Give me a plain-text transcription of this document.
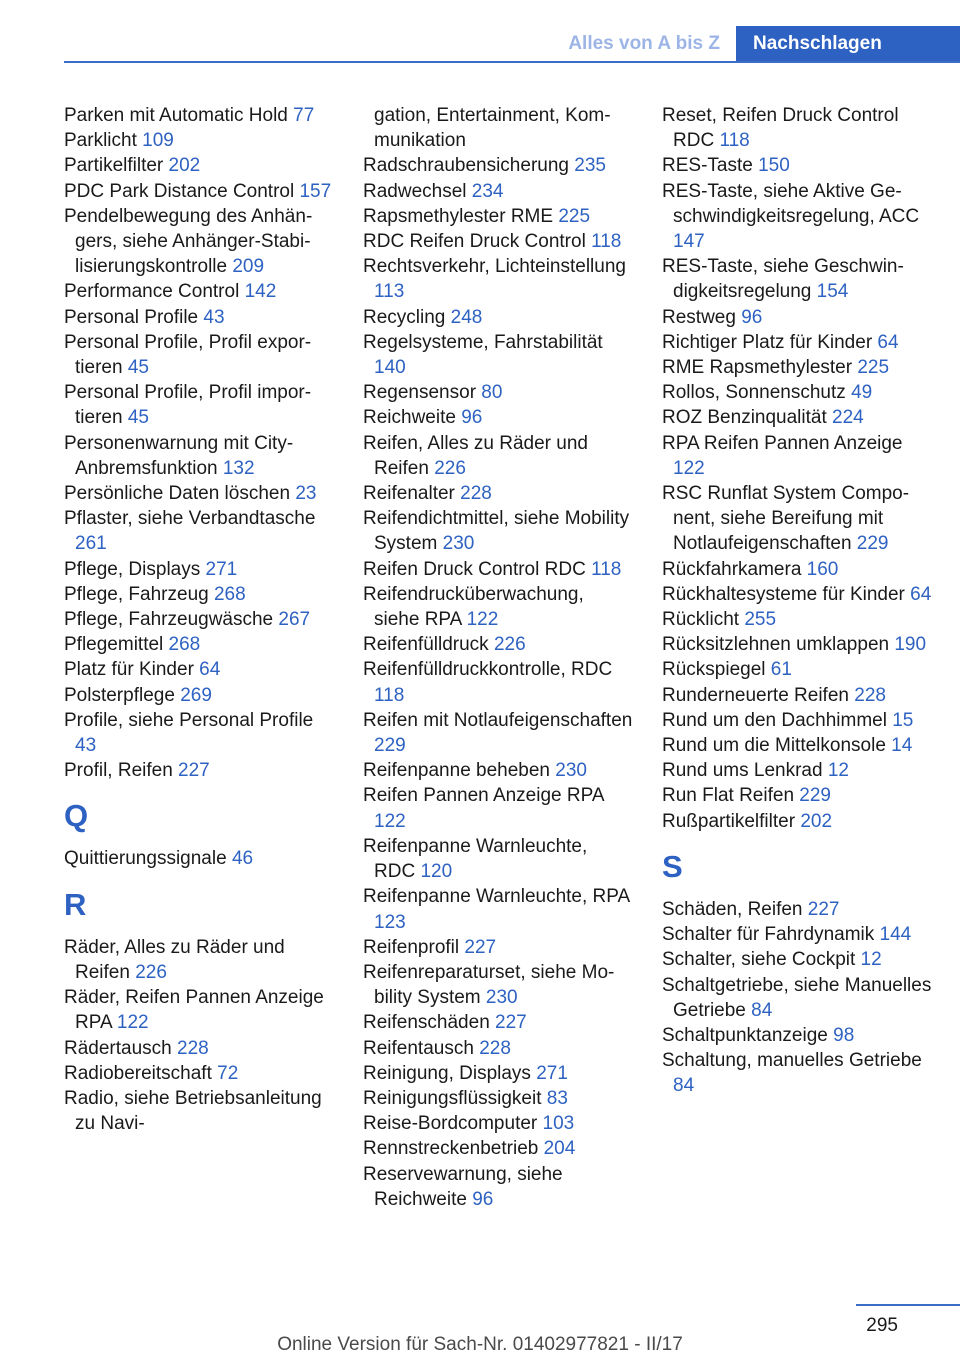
Alles von A bis Z	Nachschlagen
Parken mit Automatic Hold 77
Parklicht 109
Partikelfilter 202
PDC Park Distance Control 157
Pendelbewegung des Anhängers, siehe Anhänger-Stabilisierungskontrolle 209
Performance Control 142
Personal Profile 43
Personal Profile, Profil exportieren 45
Personal Profile, Profil importieren 45
Personenwarnung mit City-Anbremsfunktion 132
Persönliche Daten löschen 23
Pflaster, siehe Verbandtasche 261
Pflege, Displays 271
Pflege, Fahrzeug 268
Pflege, Fahrzeugwäsche 267
Pflegemittel 268
Platz für Kinder 64
Polsterpflege 269
Profile, siehe Personal Profile 43
Profil, Reifen 227
Q
Quittierungssignale 46
R
Räder, Alles zu Räder und Reifen 226
Räder, Reifen Pannen Anzeige RPA 122
Rädertausch 228
Radiobereitschaft 72
Radio, siehe Betriebsanleitung zu Navi-
gation, Entertainment, Kommunikation
Radschraubensicherung 235
Radwechsel 234
Rapsmethylester RME 225
RDC Reifen Druck Control 118
Rechtsverkehr, Lichteinstellung 113
Recycling 248
Regelsysteme, Fahrstabilität 140
Regensensor 80
Reichweite 96
Reifen, Alles zu Räder und Reifen 226
Reifenalter 228
Reifendichtmittel, siehe Mobility System 230
Reifen Druck Control RDC 118
Reifendrucküberwachung, siehe RPA 122
Reifenfülldruck 226
Reifenfülldruckkontrolle, RDC 118
Reifen mit Notlaufeigenschaften 229
Reifenpanne beheben 230
Reifen Pannen Anzeige RPA 122
Reifenpanne Warnleuchte, RDC 120
Reifenpanne Warnleuchte, RPA 123
Reifenprofil 227
Reifenreparaturset, siehe Mobility System 230
Reifenschäden 227
Reifentausch 228
Reinigung, Displays 271
Reinigungsflüssigkeit 83
Reise-Bordcomputer 103
Rennstreckenbetrieb 204
Reservewarnung, siehe Reichweite 96
Reset, Reifen Druck Control RDC 118
RES-Taste 150
RES-Taste, siehe Aktive Geschwindigkeitsregelung, ACC 147
RES-Taste, siehe Geschwindigkeitsregelung 154
Restweg 96
Richtiger Platz für Kinder 64
RME Rapsmethylester 225
Rollos, Sonnenschutz 49
ROZ Benzinqualität 224
RPA Reifen Pannen Anzeige 122
RSC Runflat System Component, siehe Bereifung mit Notlaufeigenschaften 229
Rückfahrkamera 160
Rückhaltesysteme für Kinder 64
Rücklicht 255
Rücksitzlehnen umklappen 190
Rückspiegel 61
Runderneuerte Reifen 228
Rund um den Dachhimmel 15
Rund um die Mittelkonsole 14
Rund ums Lenkrad 12
Run Flat Reifen 229
Rußpartikelfilter 202
S
Schäden, Reifen 227
Schalter für Fahrdynamik 144
Schalter, siehe Cockpit 12
Schaltgetriebe, siehe Manuelles Getriebe 84
Schaltpunktanzeige 98
Schaltung, manuelles Getriebe 84
295
Online Version für Sach-Nr. 01402977821 - II/17
